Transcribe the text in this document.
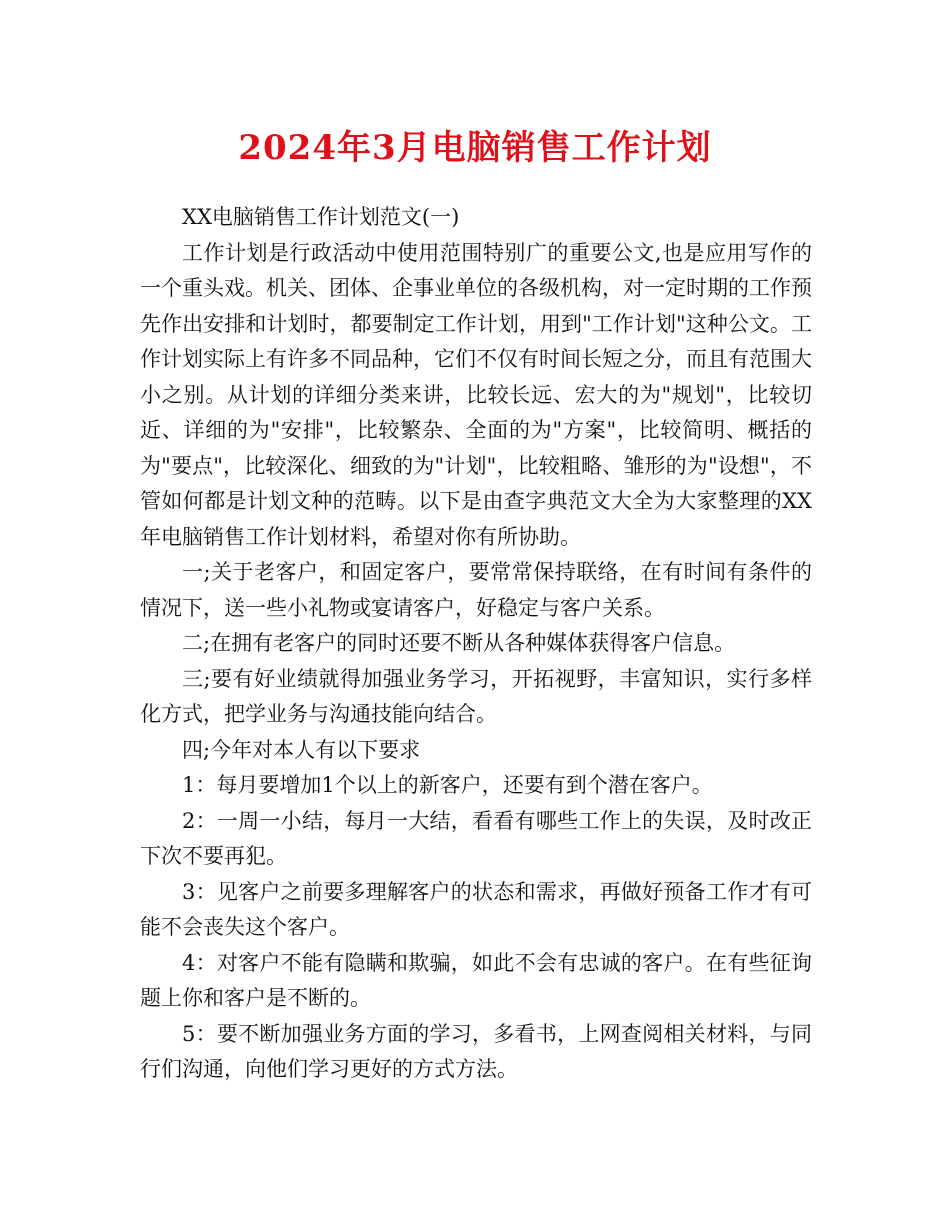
2024年3月电脑销售工作计划

XX电脑销售工作计划范文(一)

工作计划是行政活动中使用范围特别广的重要公文,也是应用写作的一个重头戏。机关、团体、企事业单位的各级机构，对一定时期的工作预先作出安排和计划时，都要制定工作计划，用到"工作计划"这种公文。工作计划实际上有许多不同品种，它们不仅有时间长短之分，而且有范围大小之别。从计划的详细分类来讲，比较长远、宏大的为"规划"，比较切近、详细的为"安排"，比较繁杂、全面的为"方案"，比较简明、概括的为"要点"，比较深化、细致的为"计划"，比较粗略、雏形的为"设想"，不管如何都是计划文种的范畴。以下是由查字典范文大全为大家整理的XX年电脑销售工作计划材料，希望对你有所协助。

一;关于老客户，和固定客户，要常常保持联络，在有时间有条件的情况下，送一些小礼物或宴请客户，好稳定与客户关系。

二;在拥有老客户的同时还要不断从各种媒体获得客户信息。

三;要有好业绩就得加强业务学习，开拓视野，丰富知识，实行多样化方式，把学业务与沟通技能向结合。

四;今年对本人有以下要求

1：每月要增加1个以上的新客户，还要有到个潜在客户。

2：一周一小结，每月一大结，看看有哪些工作上的失误，及时改正下次不要再犯。

3：见客户之前要多理解客户的状态和需求，再做好预备工作才有可能不会丧失这个客户。

4：对客户不能有隐瞒和欺骗，如此不会有忠诚的客户。在有些征询题上你和客户是不断的。

5：要不断加强业务方面的学习，多看书，上网查阅相关材料，与同行们沟通，向他们学习更好的方式方法。
